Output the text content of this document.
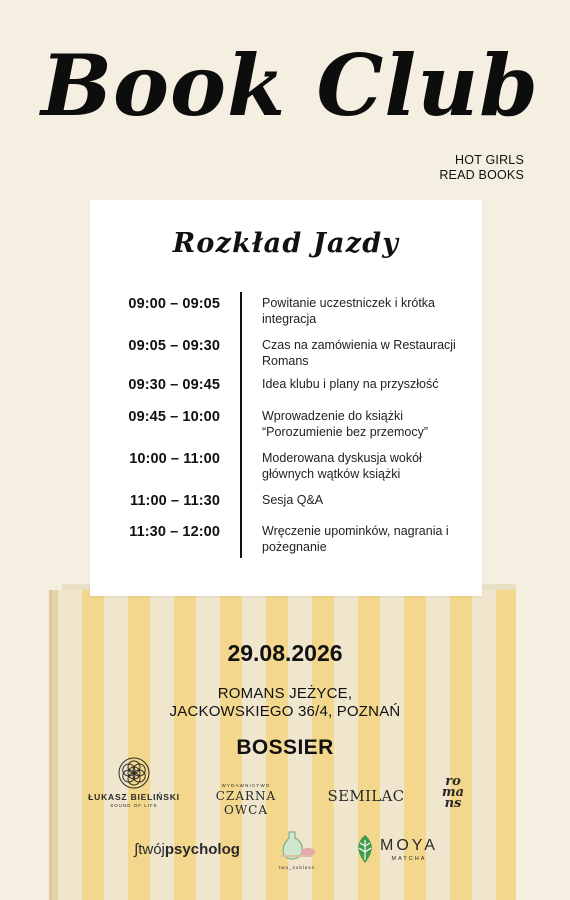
Book Club
HOT GIRLS
READ BOOKS
Rozkład Jazdy
09:00 – 09:05	Powitanie uczestniczek i krótka integracja
09:05 – 09:30	Czas na zamówienia w Restauracji Romans
09:30 – 09:45	Idea klubu i plany na przyszłość
09:45 – 10:00	Wprowadzenie do książki “Porozumienie bez przemocy”
10:00 – 11:00	Moderowana dyskusja wokół głównych wątków książki
11:00 – 11:30	Sesja Q&A
11:30 – 12:00	Wręczenie upominków, nagrania i pożegnanie
29.08.2026
ROMANS JEŻYCE,
JACKOWSKIEGO 36/4, POZNAŃ
BOSSIER
ŁUKASZ BIELIŃSKI
SOUND OF LIFE
WYDAWNICTWO
CZARNA OWCA
SEMILAC
ro
ma
ns
∫twójpsycholog
two_sobless
MOYA
MATCHA
